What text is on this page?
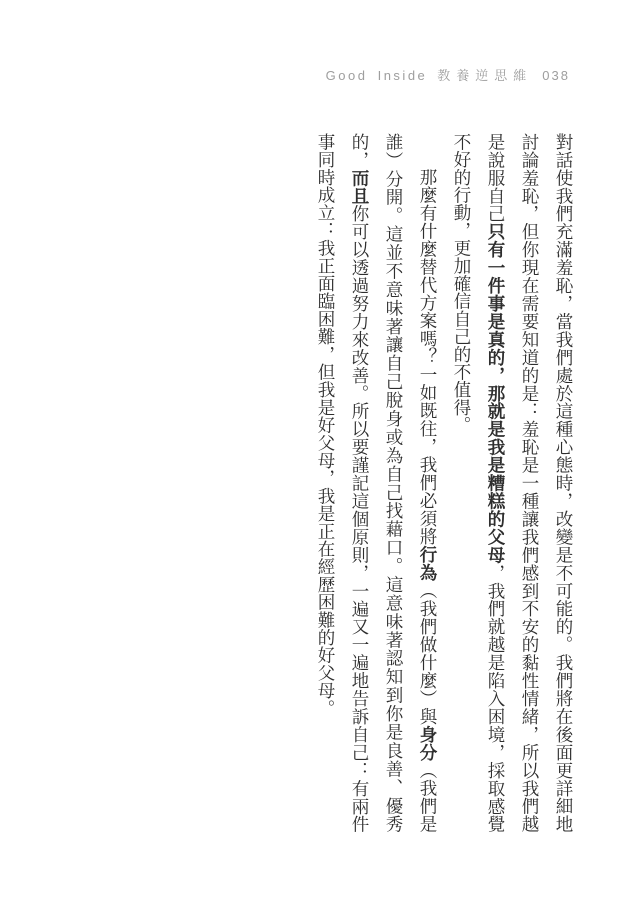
Good Inside 教養逆思維 038

對話使我們充滿羞恥，當我們處於這種心態時，改變是不可能的。我們將在後面更詳細地討論羞恥，但你現在需要知道的是：羞恥是一種讓我們感到不安的黏性情緒，所以我們越是說服自己只有一件事是真的，那就是我是糟糕的父母，我們就越是陷入困境，採取感覺不好的行動，更加確信自己的不值得。

那麼有什麼替代方案嗎？一如既往，我們必須將行為（我們做什麼）與身分（我們是誰）分開。這並不意味著讓自己脫身或為自己找藉口。這意味著認知到你是良善、優秀的，而且你可以透過努力來改善。所以要謹記這個原則，一遍又一遍地告訴自己：有兩件事同時成立：我正面臨困難，但我是好父母，我是正在經歷困難的好父母。
